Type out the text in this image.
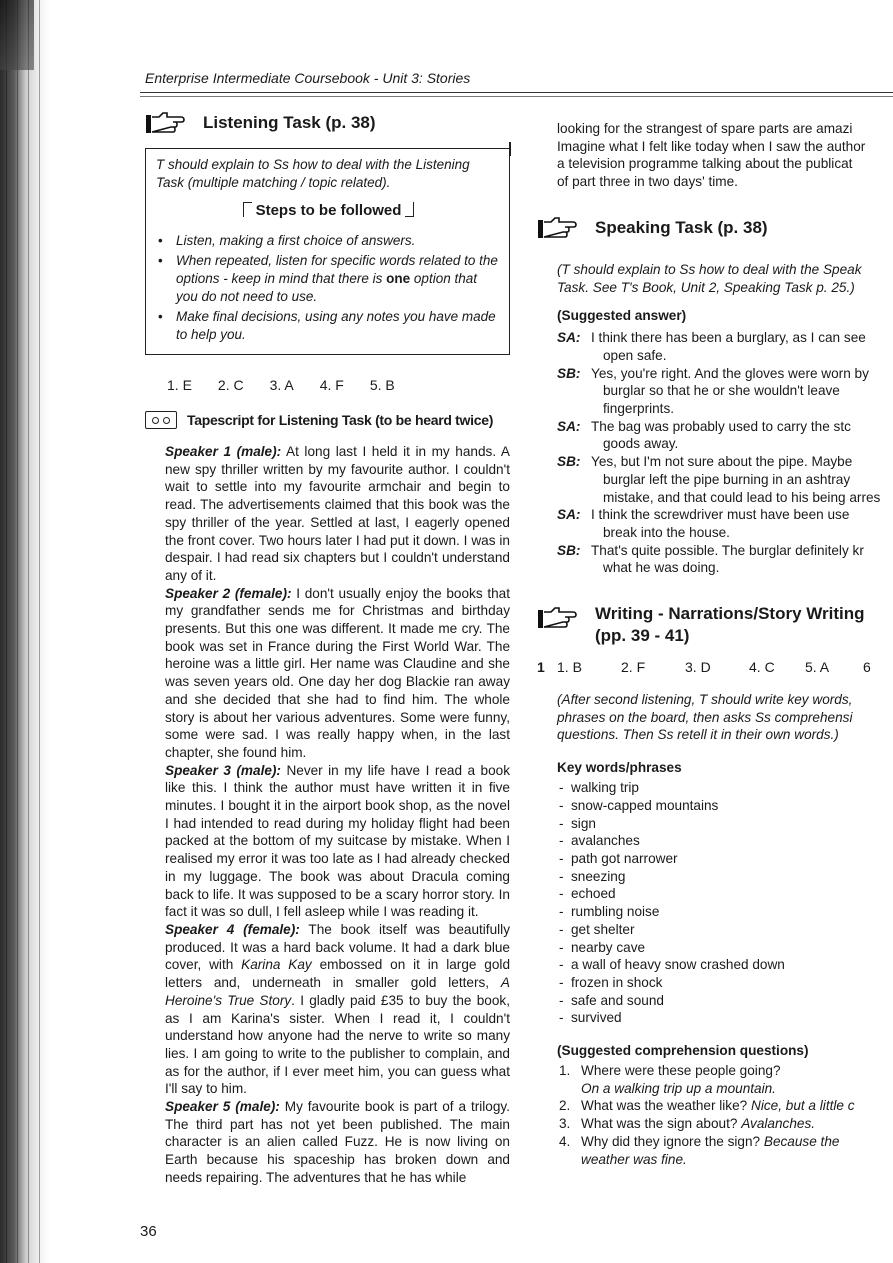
Enterprise Intermediate Coursebook - Unit 3: Stories
Listening Task (p. 38)
T should explain to Ss how to deal with the Listening Task (multiple matching / topic related).
Steps to be followed
• Listen, making a first choice of answers.
• When repeated, listen for specific words related to the options - keep in mind that there is one option that you do not need to use.
• Make final decisions, using any notes you have made to help you.
1. E 2. C 3. A 4. F 5. B
Tapescript for Listening Task (to be heard twice)

Speaker 1 (male): At long last I held it in my hands. A new spy thriller written by my favourite author. I couldn't wait to settle into my favourite armchair and begin to read. The advertisements claimed that this book was the spy thriller of the year. Settled at last, I eagerly opened the front cover. Two hours later I had put it down. I was in despair. I had read six chapters but I couldn't understand any of it.

Speaker 2 (female): I don't usually enjoy the books that my grandfather sends me for Christmas and birthday presents. But this one was different. It made me cry. The book was set in France during the First World War. The heroine was a little girl. Her name was Claudine and she was seven years old. One day her dog Blackie ran away and she decided that she had to find him. The whole story is about her various adventures. Some were funny, some were sad. I was really happy when, in the last chapter, she found him.

Speaker 3 (male): Never in my life have I read a book like this. I think the author must have written it in five minutes. I bought it in the airport book shop, as the novel I had intended to read during my holiday flight had been packed at the bottom of my suitcase by mistake. When I realised my error it was too late as I had already checked in my luggage. The book was about Dracula coming back to life. It was supposed to be a scary horror story. In fact it was so dull, I fell asleep while I was reading it.

Speaker 4 (female): The book itself was beautifully produced. It was a hard back volume. It had a dark blue cover, with Karina Kay embossed on it in large gold letters and, underneath in smaller gold letters, A Heroine's True Story. I gladly paid £35 to buy the book, as I am Karina's sister. When I read it, I couldn't understand how anyone had the nerve to write so many lies. I am going to write to the publisher to complain, and as for the author, if I ever meet him, you can guess what I'll say to him.

Speaker 5 (male): My favourite book is part of a trilogy. The third part has not yet been published. The main character is an alien called Fuzz. He is now living on Earth because his spaceship has broken down and needs repairing. The adventures that he has while

36
looking for the strangest of spare parts are amazi
Imagine what I felt like today when I saw the author
a television programme talking about the publicat
of part three in two days' time.
Speaking Task (p. 38)
(T should explain to Ss how to deal with the Speak
Task. See T's Book, Unit 2, Speaking Task p. 25.)
(Suggested answer)
SA: I think there has been a burglary, as I can see
open safe.
SB: Yes, you're right. And the gloves were worn by
burglar so that he or she wouldn't leave
fingerprints.
SA: The bag was probably used to carry the stc
goods away.
SB: Yes, but I'm not sure about the pipe. Maybe
burglar left the pipe burning in an ashtray
mistake, and that could lead to his being arres
SA: I think the screwdriver must have been use
break into the house.
SB: That's quite possible. The burglar definitely kr
what he was doing.
Writing - Narrations/Story Writing
(pp. 39 - 41)
1 1. B	2. F	3. D	4. C	5. A	6
(After second listening, T should write key words,
phrases on the board, then asks Ss comprehensi
questions. Then Ss retell it in their own words.)
Key words/phrases
- walking trip
- snow-capped mountains
- sign
- avalanches
- path got narrower
- sneezing
- echoed
- rumbling noise
- get shelter
- nearby cave
- a wall of heavy snow crashed down
- frozen in shock
- safe and sound
- survived
(Suggested comprehension questions)
1. Where were these people going?
On a walking trip up a mountain.
2. What was the weather like? Nice, but a little c
3. What was the sign about? Avalanches.
4. Why did they ignore the sign? Because the
weather was fine.
